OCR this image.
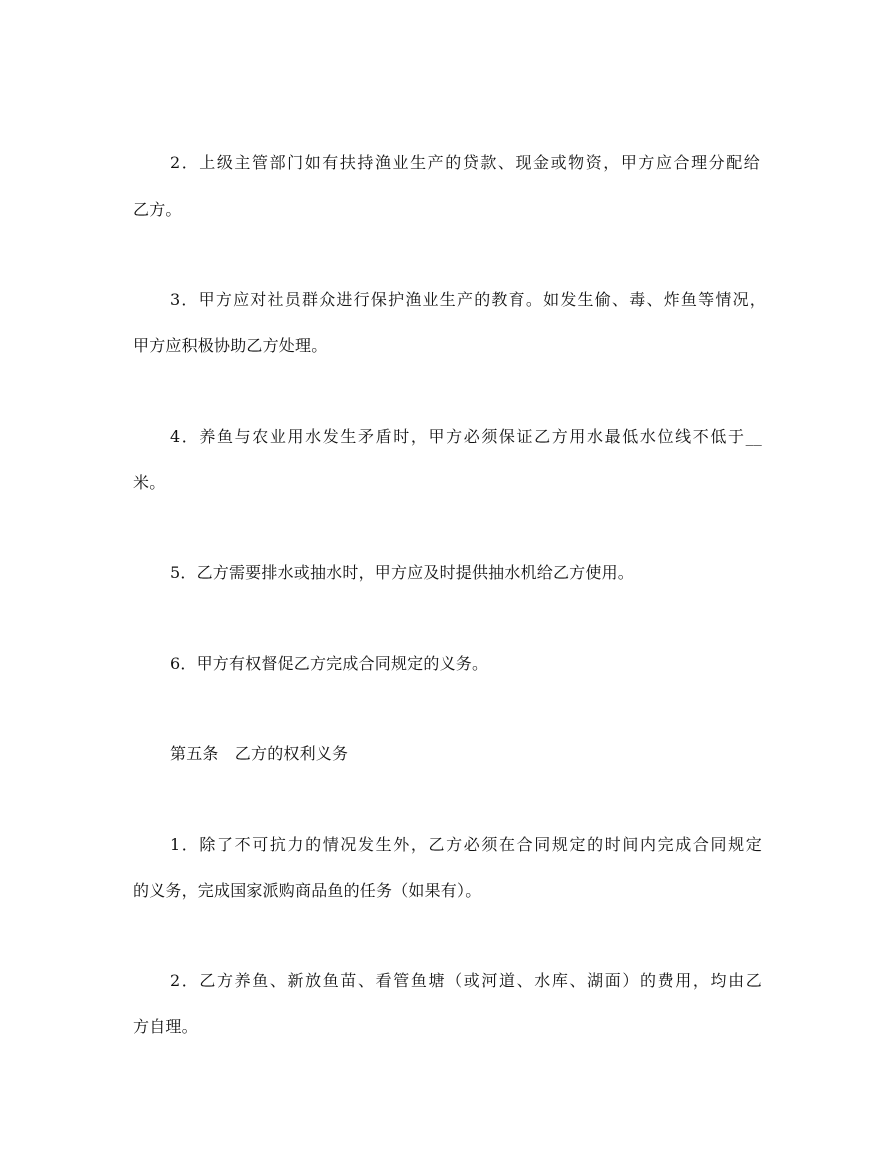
2．上级主管部门如有扶持渔业生产的贷款、现金或物资，甲方应合理分配给
乙方。
3．甲方应对社员群众进行保护渔业生产的教育。如发生偷、毒、炸鱼等情况，
甲方应积极协助乙方处理。
4．养鱼与农业用水发生矛盾时，甲方必须保证乙方用水最低水位线不低于__
米。
5．乙方需要排水或抽水时，甲方应及时提供抽水机给乙方使用。
6．甲方有权督促乙方完成合同规定的义务。
第五条　乙方的权利义务
1．除了不可抗力的情况发生外，乙方必须在合同规定的时间内完成合同规定
的义务，完成国家派购商品鱼的任务（如果有）。
2．乙方养鱼、新放鱼苗、看管鱼塘（或河道、水库、湖面）的费用，均由乙
方自理。
